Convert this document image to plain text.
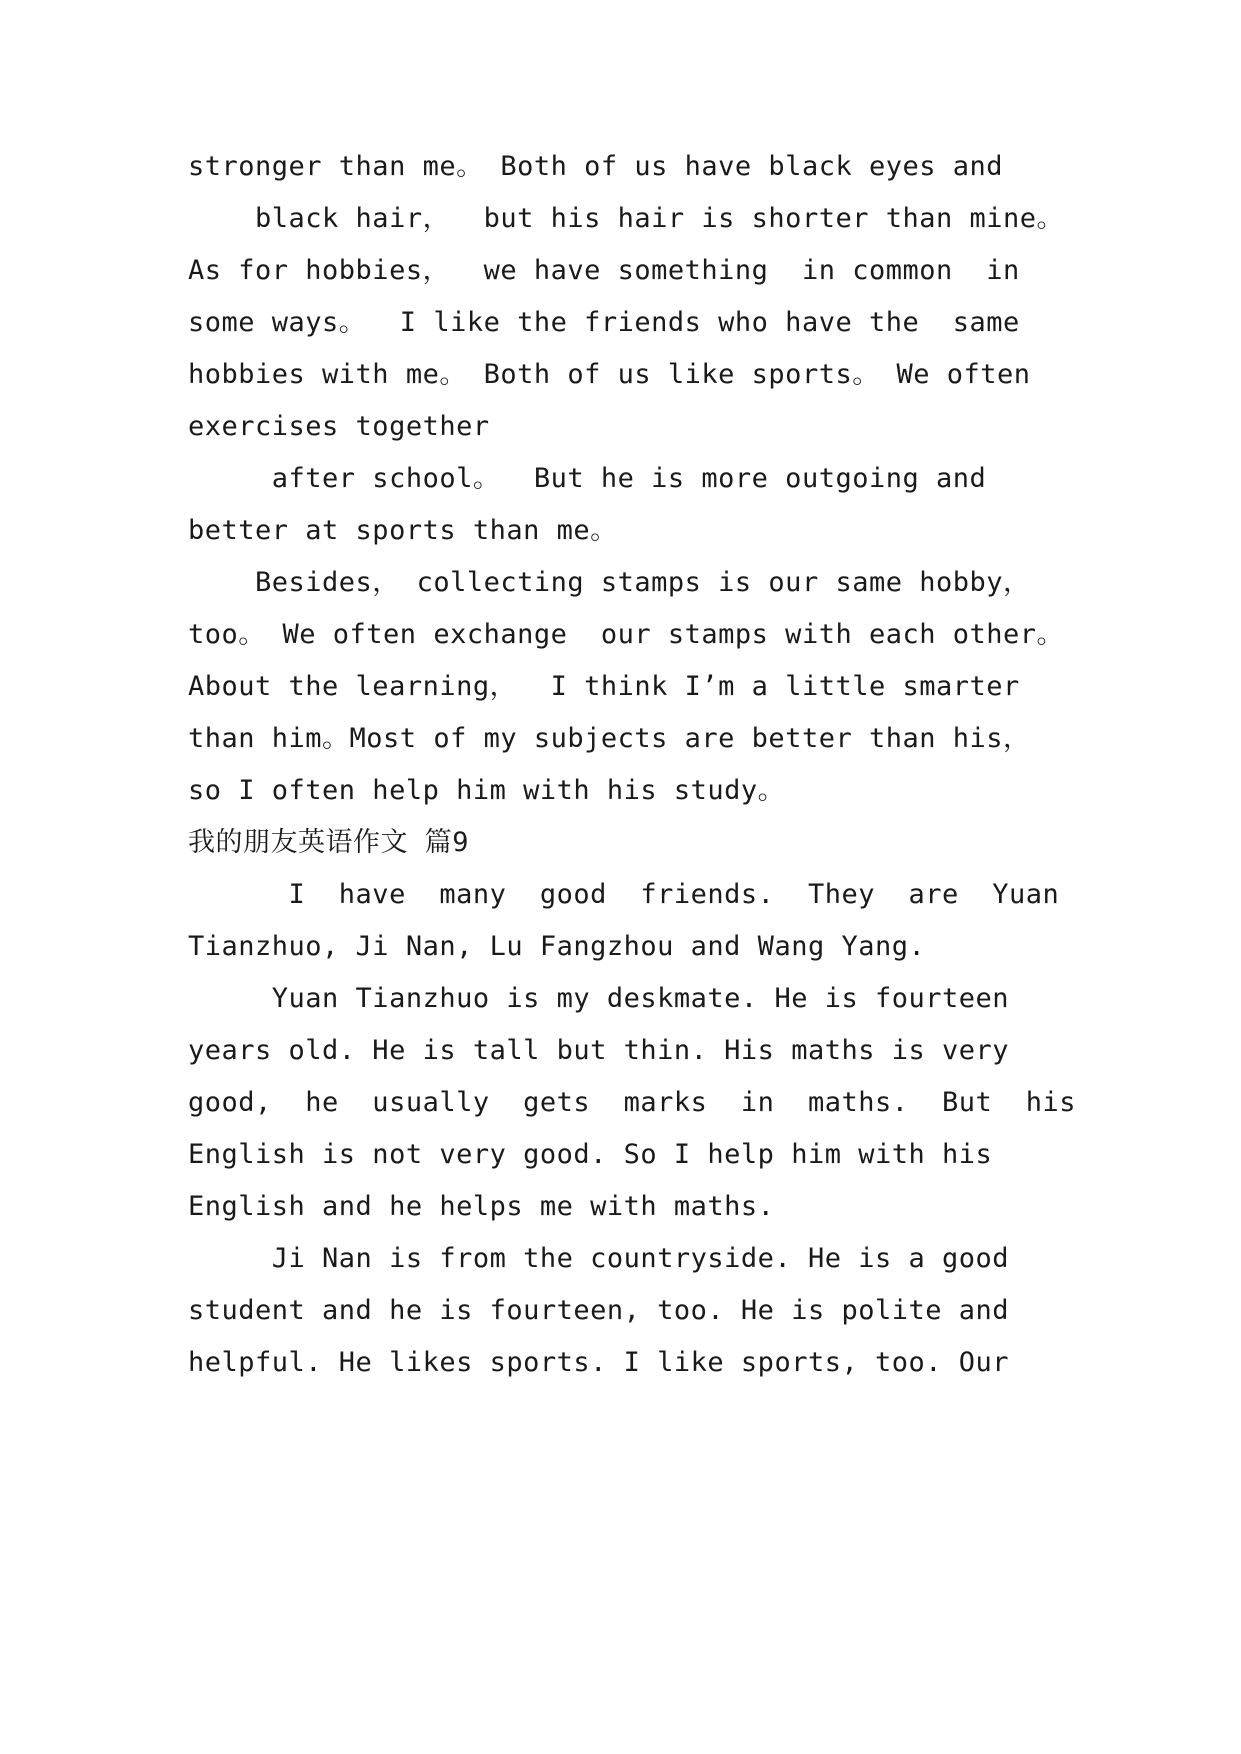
stronger than me。 Both of us have black eyes and
black hair，  but his hair is shorter than mine。
As for hobbies，  we have something  in common  in
some ways。  I like the friends who have the  same
hobbies with me。 Both of us like sports。 We often
exercises together
after school。  But he is more outgoing and
better at sports than me。
Besides， collecting stamps is our same hobby，
too。 We often exchange  our stamps with each other。
About the learning，  I think I’m a little smarter
than him。Most of my subjects are better than his，
so I often help him with his study。
我的朋友英语作文 篇9
I  have  many  good  friends.  They  are  Yuan
Tianzhuo, Ji Nan, Lu Fangzhou and Wang Yang.
Yuan Tianzhuo is my deskmate. He is fourteen
years old. He is tall but thin. His maths is very
good,  he  usually  gets  marks  in  maths.  But  his
English is not very good. So I help him with his
English and he helps me with maths.
Ji Nan is from the countryside. He is a good
student and he is fourteen, too. He is polite and
helpful. He likes sports. I like sports, too. Our
